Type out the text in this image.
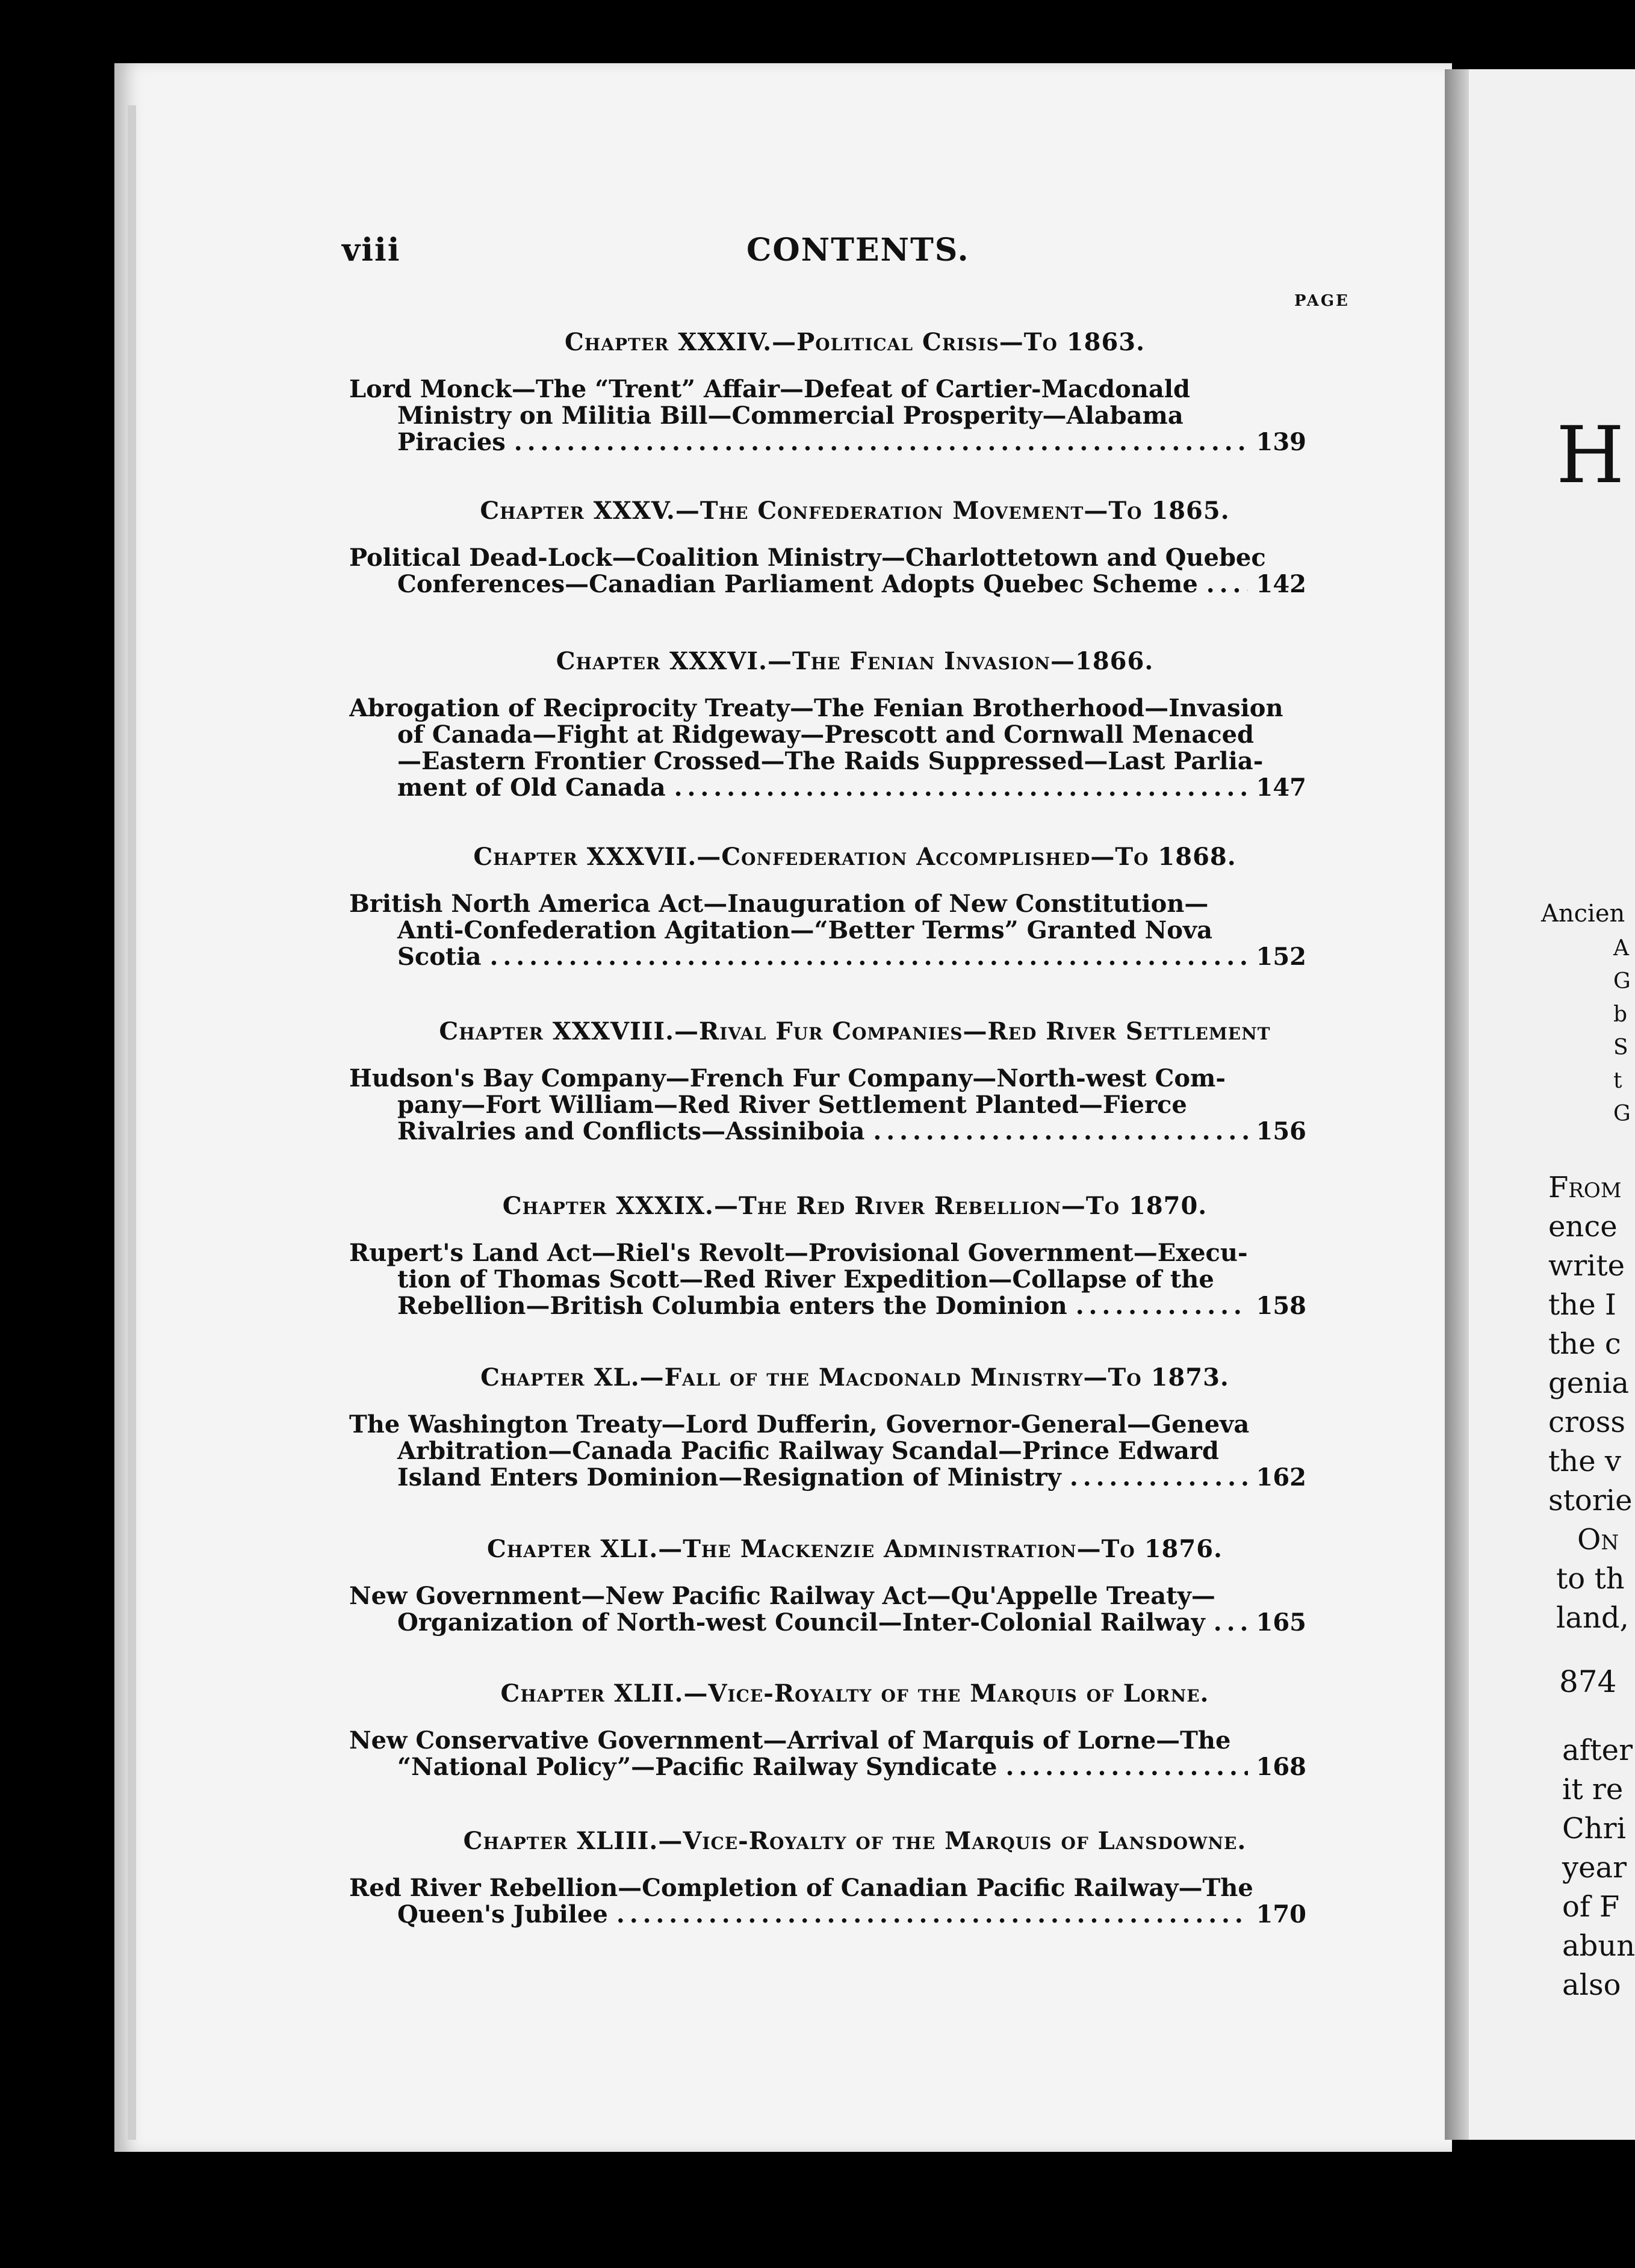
viii	CONTENTS.
PAGE
Chapter XXXIV.—Political Crisis—To 1863.
Lord Monck—The “Trent” Affair—Defeat of Cartier-Macdonald
Ministry on Militia Bill—Commercial Prosperity—Alabama
Piracies . . .	139
Chapter XXXV.—The Confederation Movement—To 1865.
Political Dead-Lock—Coalition Ministry—Charlottetown and Quebec
Conferences—Canadian Parliament Adopts Quebec Scheme . . . 142
Chapter XXXVI.—The Fenian Invasion—1866.
Abrogation of Reciprocity Treaty—The Fenian Brotherhood—Invasion
of Canada—Fight at Ridgeway—Prescott and Cornwall Menaced
—Eastern Frontier Crossed—The Raids Suppressed—Last Parlia-
ment of Old Canada . . .	147
Chapter XXXVII.—Confederation Accomplished—To 1868.
British North America Act—Inauguration of New Constitution—
Anti-Confederation Agitation—“Better Terms” Granted Nova
Scotia . . .	152
Chapter XXXVIII.—Rival Fur Companies—Red River Settlement
Hudson's Bay Company—French Fur Company—North-west Com-
pany—Fort William—Red River Settlement Planted—Fierce
Rivalries and Conflicts—Assiniboia . . .	156
Chapter XXXIX.—The Red River Rebellion—To 1870.
Rupert's Land Act—Riel's Revolt—Provisional Government—Execu-
tion of Thomas Scott—Red River Expedition—Collapse of the
Rebellion—British Columbia enters the Dominion . . .	158
Chapter XL.—Fall of the Macdonald Ministry—To 1873.
The Washington Treaty—Lord Dufferin, Governor-General—Geneva
Arbitration—Canada Pacific Railway Scandal—Prince Edward
Island Enters Dominion—Resignation of Ministry . . .	162
Chapter XLI.—The Mackenzie Administration—To 1876.
New Government—New Pacific Railway Act—Qu'Appelle Treaty—
Organization of North-west Council—Inter-Colonial Railway . . . 165
Chapter XLII.—Vice-Royalty of the Marquis of Lorne.
New Conservative Government—Arrival of Marquis of Lorne—The
“National Policy”—Pacific Railway Syndicate . . .	168
Chapter XLIII.—Vice-Royalty of the Marquis of Lansdowne.
Red River Rebellion—Completion of Canadian Pacific Railway—The
Queen's Jubilee . . .	170
H
Ancien
A
G
b
S
t
G
From
ence
write
the I
the c
genia
cross
the v
storie
On
to th
land,
874
after
it re
Chri
year
of F
abun
also
